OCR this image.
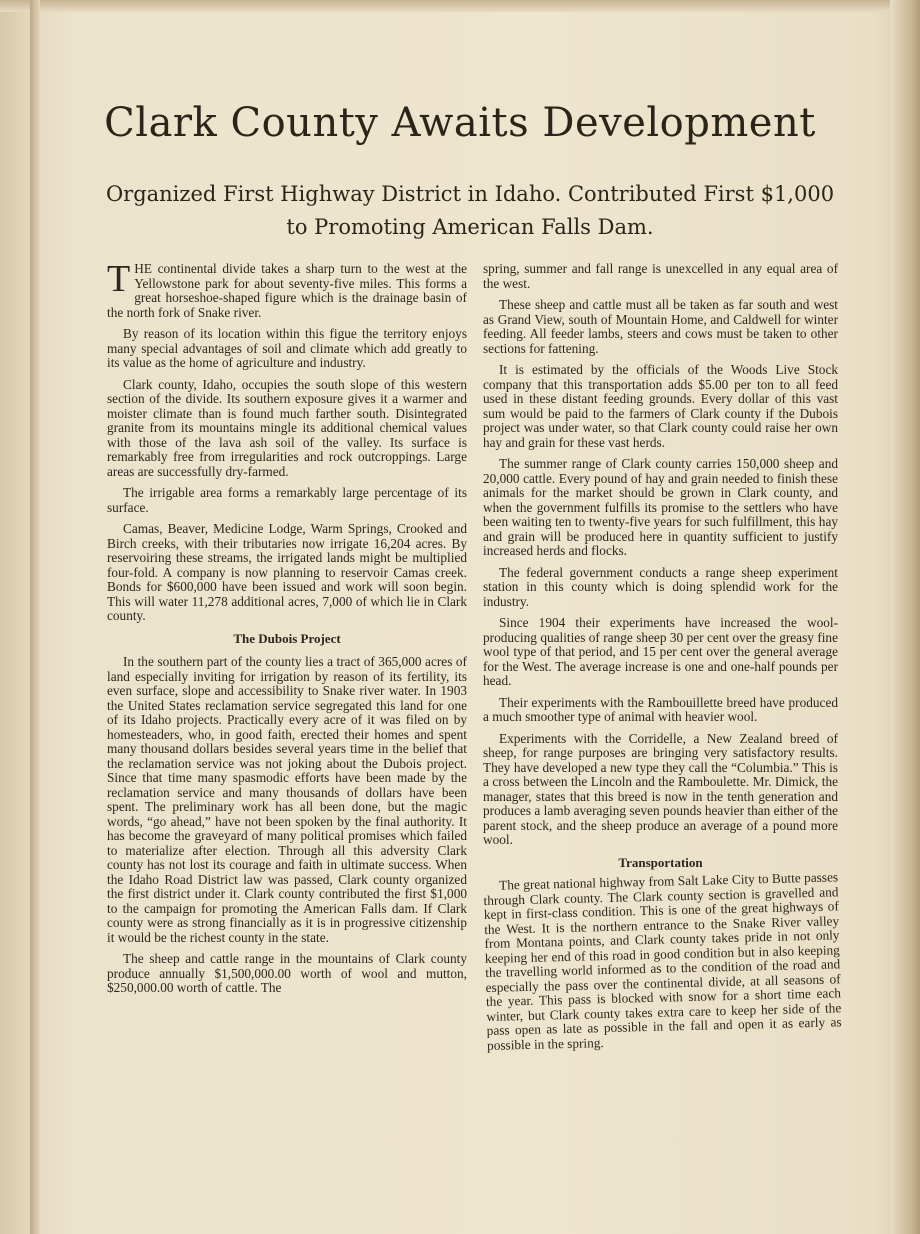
Clark County Awaits Development
Organized First Highway District in Idaho. Contributed First $1,000 to Promoting American Falls Dam.

THE continental divide takes a sharp turn to the west at the Yellowstone park for about seventy-five miles. This forms a great horseshoe-shaped figure which is the drainage basin of the north fork of Snake river.

By reason of its location within this figue the territory enjoys many special advantages of soil and climate which add greatly to its value as the home of agriculture and industry.

Clark county, Idaho, occupies the south slope of this western section of the divide. Its southern exposure gives it a warmer and moister climate than is found much farther south. Disintegrated granite from its mountains mingle its additional chemical values with those of the lava ash soil of the valley. Its surface is remarkably free from irregularities and rock outcroppings. Large areas are successfully dry-farmed.

The irrigable area forms a remarkably large percentage of its surface.

Camas, Beaver, Medicine Lodge, Warm Springs, Crooked and Birch creeks, with their tributaries now irrigate 16,204 acres. By reservoiring these streams, the irrigated lands might be multiplied four-fold. A company is now planning to reservoir Camas creek. Bonds for $600,000 have been issued and work will soon begin. This will water 11,278 additional acres, 7,000 of which lie in Clark county.

The Dubois Project

In the southern part of the county lies a tract of 365,000 acres of land especially inviting for irrigation by reason of its fertility, its even surface, slope and accessibility to Snake river water. In 1903 the United States reclamation service segregated this land for one of its Idaho projects. Practically every acre of it was filed on by homesteaders, who, in good faith, erected their homes and spent many thousand dollars besides several years time in the belief that the reclamation service was not joking about the Dubois project. Since that time many spasmodic efforts have been made by the reclamation service and many thousands of dollars have been spent. The preliminary work has all been done, but the magic words, “go ahead,” have not been spoken by the final authority. It has become the graveyard of many political promises which failed to materialize after election. Through all this adversity Clark county has not lost its courage and faith in ultimate success. When the Idaho Road District law was passed, Clark county organized the first district under it. Clark county contributed the first $1,000 to the campaign for promoting the American Falls dam. If Clark county were as strong financially as it is in progressive citizenship it would be the richest county in the state.

The sheep and cattle range in the mountains of Clark county produce annually $1,500,000.00 worth of wool and mutton, $250,000.00 worth of cattle. The

spring, summer and fall range is unexcelled in any equal area of the west.

These sheep and cattle must all be taken as far south and west as Grand View, south of Mountain Home, and Caldwell for winter feeding. All feeder lambs, steers and cows must be taken to other sections for fattening.

It is estimated by the officials of the Woods Live Stock company that this transportation adds $5.00 per ton to all feed used in these distant feeding grounds. Every dollar of this vast sum would be paid to the farmers of Clark county if the Dubois project was under water, so that Clark county could raise her own hay and grain for these vast herds.

The summer range of Clark county carries 150,000 sheep and 20,000 cattle. Every pound of hay and grain needed to finish these animals for the market should be grown in Clark county, and when the government fulfills its promise to the settlers who have been waiting ten to twenty-five years for such fulfillment, this hay and grain will be produced here in quantity sufficient to justify increased herds and flocks.

The federal government conducts a range sheep experiment station in this county which is doing splendid work for the industry.

Since 1904 their experiments have increased the wool-producing qualities of range sheep 30 per cent over the greasy fine wool type of that period, and 15 per cent over the general average for the West. The average increase is one and one-half pounds per head.

Their experiments with the Rambouillette breed have produced a much smoother type of animal with heavier wool.

Experiments with the Corridelle, a New Zealand breed of sheep, for range purposes are bringing very satisfactory results. They have developed a new type they call the “Columbia.” This is a cross between the Lincoln and the Ramboulette. Mr. Dimick, the manager, states that this breed is now in the tenth generation and produces a lamb averaging seven pounds heavier than either of the parent stock, and the sheep produce an average of a pound more wool.

Transportation

The great national highway from Salt Lake City to Butte passes through Clark county. The Clark county section is gravelled and kept in first-class condition. This is one of the great highways of the West. It is the northern entrance to the Snake River valley from Montana points, and Clark county takes pride in not only keeping her end of this road in good condition but in also keeping the travelling world informed as to the condition of the road and especially the pass over the continental divide, at all seasons of the year. This pass is blocked with snow for a short time each winter, but Clark county takes extra care to keep her side of the pass open as late as possible in the fall and open it as early as possible in the spring.
